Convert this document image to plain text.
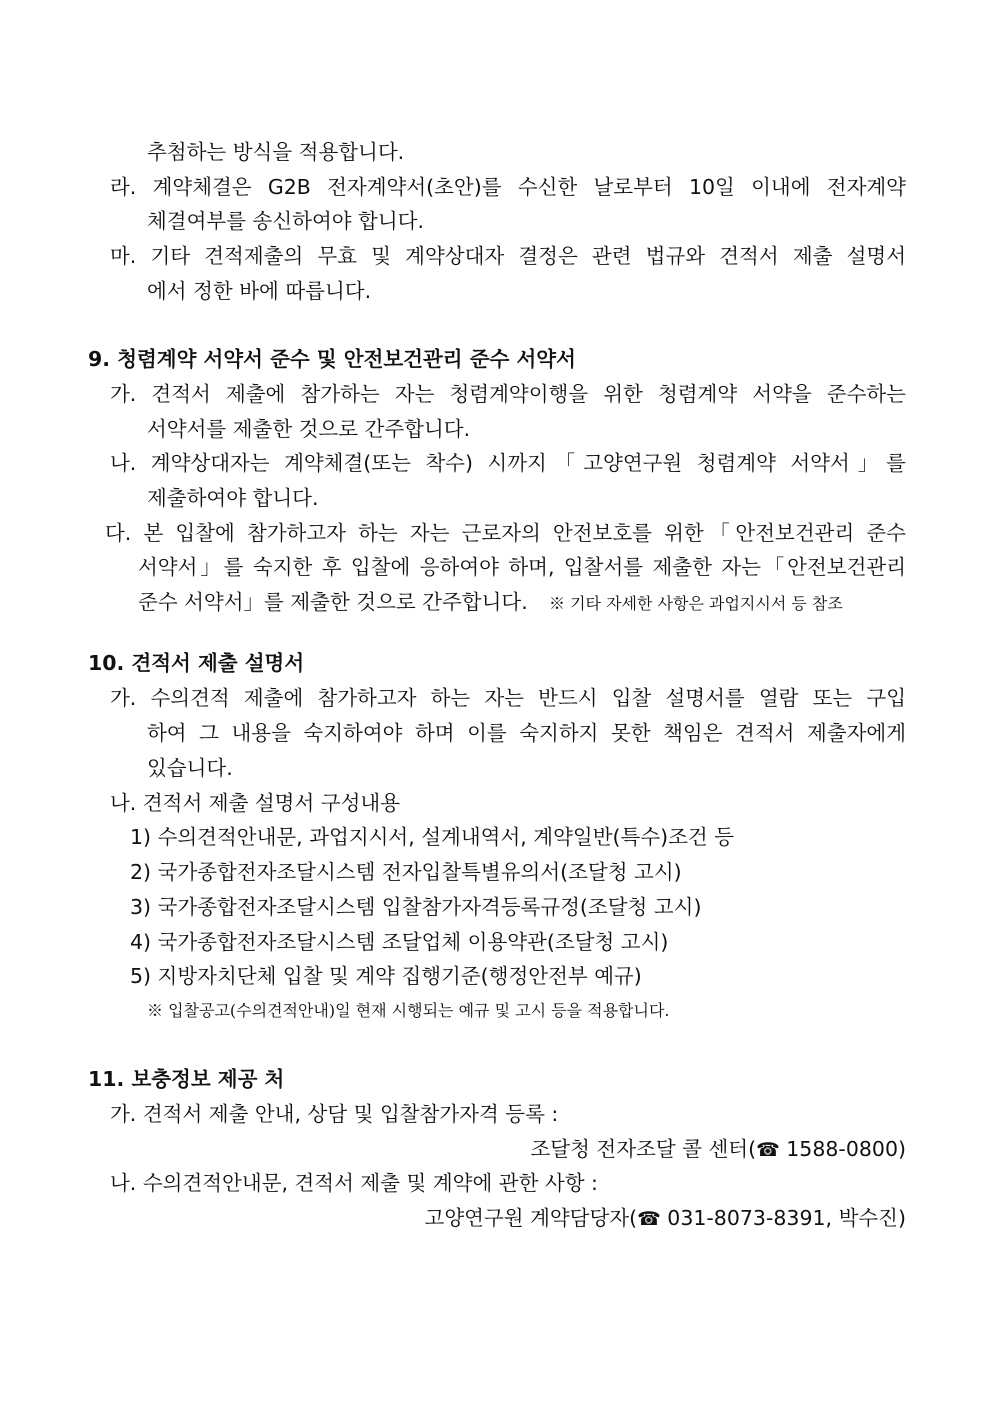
추첨하는 방식을 적용합니다.
라. 계약체결은 G2B 전자계약서(초안)를 수신한 날로부터 10일 이내에 전자계약
체결여부를 송신하여야 합니다.
마. 기타 견적제출의 무효 및 계약상대자 결정은 관련 법규와 견적서 제출 설명서
에서 정한 바에 따릅니다.
9. 청렴계약 서약서 준수 및 안전보건관리 준수 서약서
가. 견적서 제출에 참가하는 자는 청렴계약이행을 위한 청렴계약 서약을 준수하는
서약서를 제출한 것으로 간주합니다.
나. 계약상대자는 계약체결(또는 착수) 시까지「고양연구원 청렴계약 서약서」를
제출하여야 합니다.
다. 본 입찰에 참가하고자 하는 자는 근로자의 안전보호를 위한「안전보건관리 준수
서약서」를 숙지한 후 입찰에 응하여야 하며, 입찰서를 제출한 자는「안전보건관리
준수 서약서」를 제출한 것으로 간주합니다. ※ 기타 자세한 사항은 과업지시서 등 참조
10. 견적서 제출 설명서
가. 수의견적 제출에 참가하고자 하는 자는 반드시 입찰 설명서를 열람 또는 구입
하여 그 내용을 숙지하여야 하며 이를 숙지하지 못한 책임은 견적서 제출자에게
있습니다.
나. 견적서 제출 설명서 구성내용
1) 수의견적안내문, 과업지시서, 설계내역서, 계약일반(특수)조건 등
2) 국가종합전자조달시스템 전자입찰특별유의서(조달청 고시)
3) 국가종합전자조달시스템 입찰참가자격등록규정(조달청 고시)
4) 국가종합전자조달시스템 조달업체 이용약관(조달청 고시)
5) 지방자치단체 입찰 및 계약 집행기준(행정안전부 예규)
※ 입찰공고(수의견적안내)일 현재 시행되는 예규 및 고시 등을 적용합니다.
11. 보충정보 제공 처
가. 견적서 제출 안내, 상담 및 입찰참가자격 등록 :
조달청 전자조달 콜 센터(☎ 1588-0800)
나. 수의견적안내문, 견적서 제출 및 계약에 관한 사항 :
고양연구원 계약담당자(☎ 031-8073-8391, 박수진)
